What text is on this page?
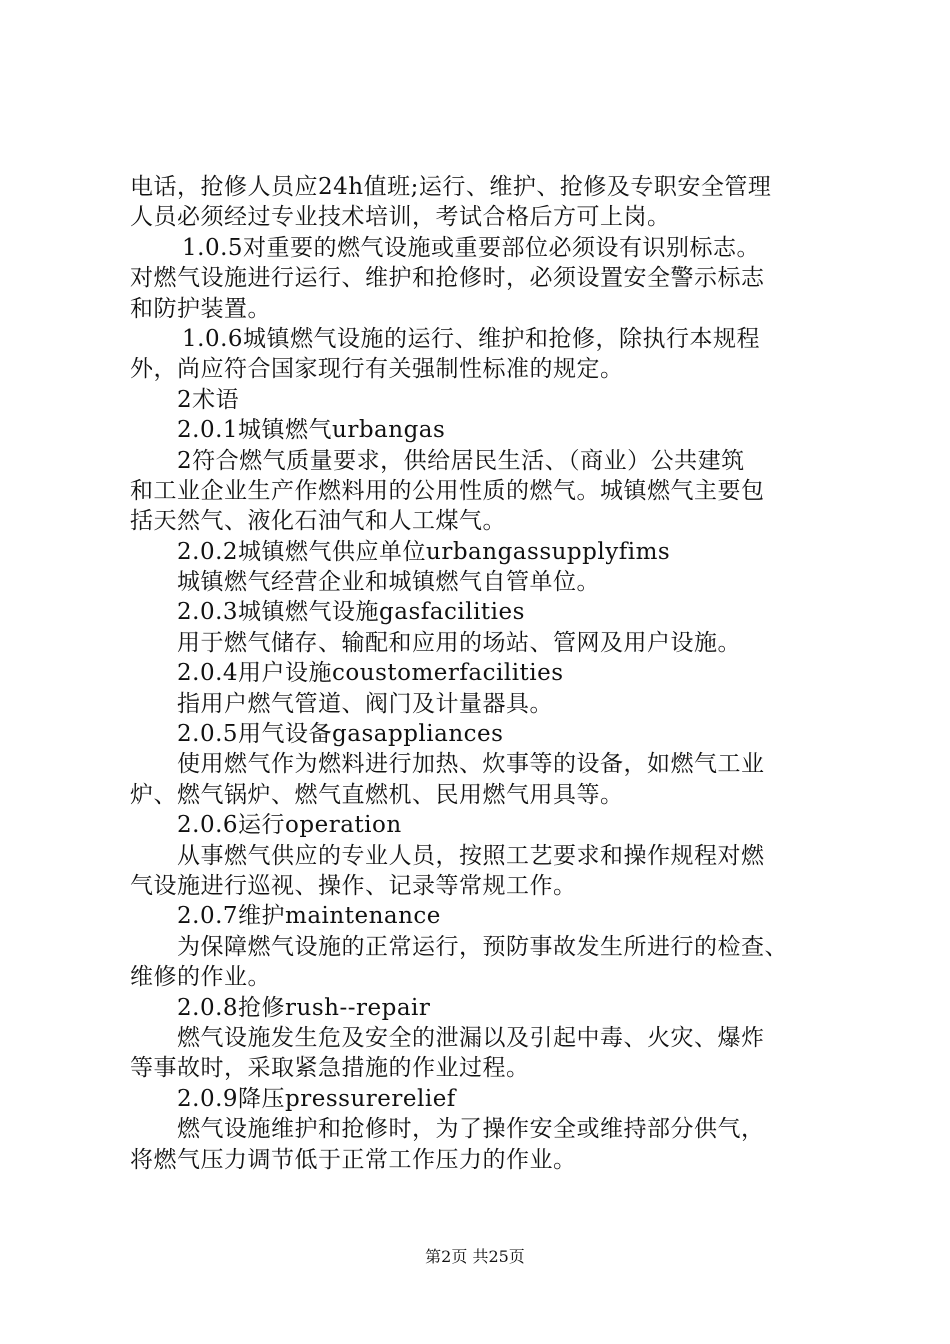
电话，抢修人员应24h值班;运行、维护、抢修及专职安全管理
人员必须经过专业技术培训，考试合格后方可上岗。
1.0.5对重要的燃气设施或重要部位必须设有识别标志。
对燃气设施进行运行、维护和抢修时，必须设置安全警示标志
和防护装置。
1.0.6城镇燃气设施的运行、维护和抢修，除执行本规程
外，尚应符合国家现行有关强制性标准的规定。
2术语
2.0.1城镇燃气urbangas
2符合燃气质量要求，供给居民生活、（商业）公共建筑
和工业企业生产作燃料用的公用性质的燃气。城镇燃气主要包
括天然气、液化石油气和人工煤气。
2.0.2城镇燃气供应单位urbangassupplyfims
城镇燃气经营企业和城镇燃气自管单位。
2.0.3城镇燃气设施gasfacilities
用于燃气储存、输配和应用的场站、管网及用户设施。
2.0.4用户设施coustomerfacilities
指用户燃气管道、阀门及计量器具。
2.0.5用气设备gasappliances
使用燃气作为燃料进行加热、炊事等的设备，如燃气工业
炉、燃气锅炉、燃气直燃机、民用燃气用具等。
2.0.6运行operation
从事燃气供应的专业人员，按照工艺要求和操作规程对燃
气设施进行巡视、操作、记录等常规工作。
2.0.7维护maintenance
为保障燃气设施的正常运行，预防事故发生所进行的检查、
维修的作业。
2.0.8抢修rush--repair
燃气设施发生危及安全的泄漏以及引起中毒、火灾、爆炸
等事故时，采取紧急措施的作业过程。
2.0.9降压pressurerelief
燃气设施维护和抢修时，为了操作安全或维持部分供气，
将燃气压力调节低于正常工作压力的作业。
第2页 共25页
